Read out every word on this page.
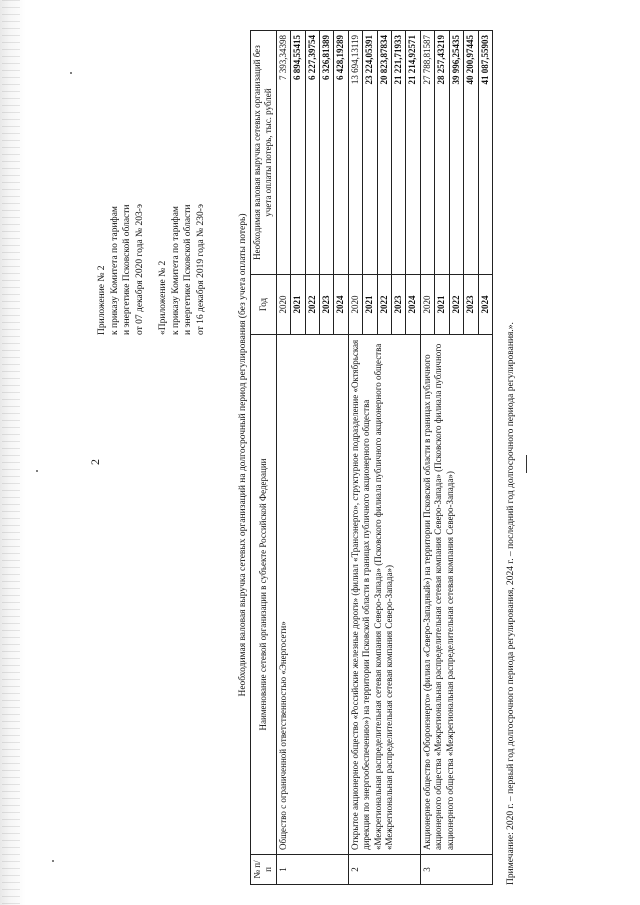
2

Приложение № 2 к приказу Комитета по тарифам и энергетике Псковской области от 07 декабря 2020 года № 203-э «Приложение № 2 к приказу Комитета по тарифам и энергетике Псковской области от 16 декабря 2019 года № 230-э	Необходимая валовая выручка сетевых организаций на долгосрочный период регулирования (без учета оплаты потерь)
№ п/п	Наименование сетевой организации в субъекте Российской Федерации	Год	Необходимая валовая выручка сетевых организаций без учета оплаты потерь, тыс. рублей
1	Общество с ограниченной ответственностью «Энергосети»	2020	7 393,34398
		2021	6 894,55415
		2022	6 227,39754
		2023	6 326,81389
		2024	6 428,19289
2	Открытое акционерное общество «Российские железные дороги» (филиал «Трансэнерго», структурное подразделение «Октябрьская дирекция по энергообеспечению») на территории Псковской области в границах публичного акционерного общества «Межрегиональная распределительная сетевая компания Северо-Запада» (Псковского филиала публичного акционерного общества «Межрегиональная распределительная сетевая компания Северо-Запада»)	2020	13 694,13119
		2021	23 224,05391
		2022	20 823,87834
		2023	21 221,71933
		2024	21 214,92571
3	Акционерное общество «Оборонэнерго» (филиал «Северо-Западный») на территории Псковской области в границах публичного акционерного общества «Межрегиональная распределительная сетевая компания Северо-Запада» (Псковского филиала публичного акционерного общества «Межрегиональная распределительная сетевая компания Северо-Запада»)	2020	27 788,81587
		2021	28 257,43219
		2022	39 996,25435
		2023	40 200,97445
		2024	41 087,55903
Примечание: 2020 г. – первый год долгосрочного периода регулирования, 2024 г. – последний год долгосрочного периода регулирования.».
